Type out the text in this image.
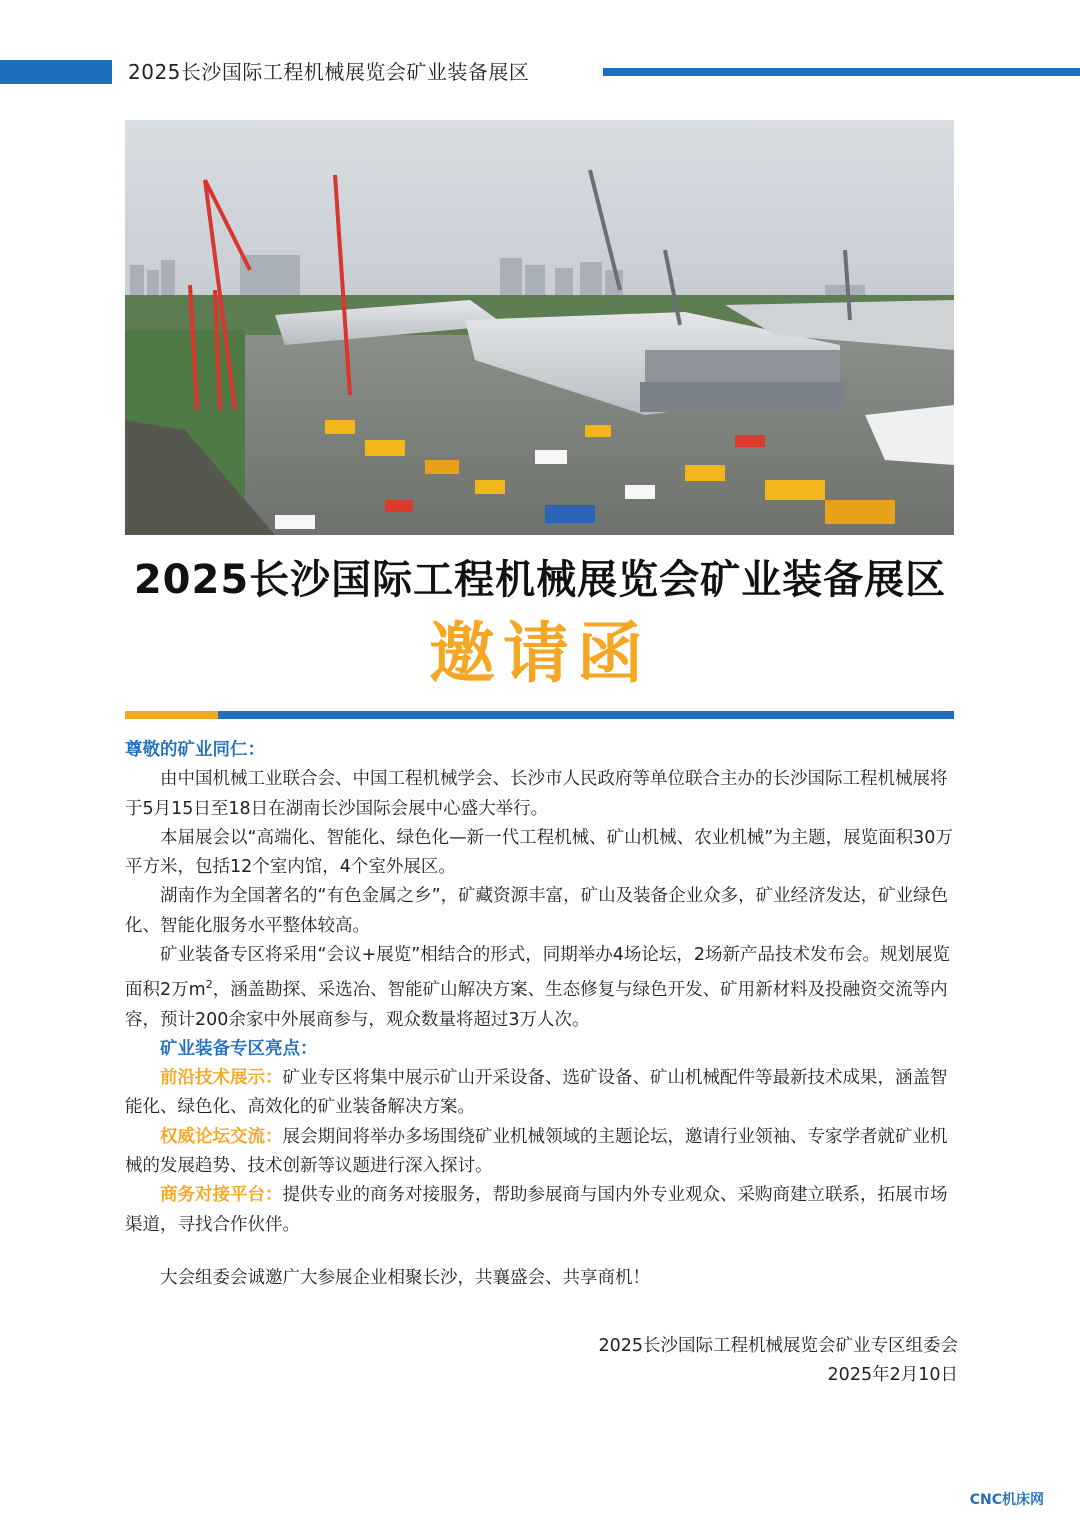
2025长沙国际工程机械展览会矿业装备展区
2025长沙国际工程机械展览会矿业装备展区
邀请函

尊敬的矿业同仁：

由中国机械工业联合会、中国工程机械学会、长沙市人民政府等单位联合主办的长沙国际工程机械展将于5月15日至18日在湖南长沙国际会展中心盛大举行。

本届展会以“高端化、智能化、绿色化—新一代工程机械、矿山机械、农业机械”为主题，展览面积30万平方米，包括12个室内馆，4个室外展区。

湖南作为全国著名的“有色金属之乡”，矿藏资源丰富，矿山及装备企业众多，矿业经济发达，矿业绿色化、智能化服务水平整体较高。

矿业装备专区将采用“会议+展览”相结合的形式，同期举办4场论坛，2场新产品技术发布会。规划展览面积2万$m^2$，涵盖勘探、采选冶、智能矿山解决方案、生态修复与绿色开发、矿用新材料及投融资交流等内容，预计200余家中外展商参与，观众数量将超过3万人次。

矿业装备专区亮点：

前沿技术展示：矿业专区将集中展示矿山开采设备、选矿设备、矿山机械配件等最新技术成果，涵盖智能化、绿色化、高效化的矿业装备解决方案。

权威论坛交流：展会期间将举办多场围绕矿业机械领域的主题论坛，邀请行业领袖、专家学者就矿业机械的发展趋势、技术创新等议题进行深入探讨。

商务对接平台：提供专业的商务对接服务，帮助参展商与国内外专业观众、采购商建立联系，拓展市场渠道，寻找合作伙伴。

大会组委会诚邀广大参展企业相聚长沙，共襄盛会、共享商机！
2025长沙国际工程机械展览会矿业专区组委会
2025年2月10日
CNC机床网
